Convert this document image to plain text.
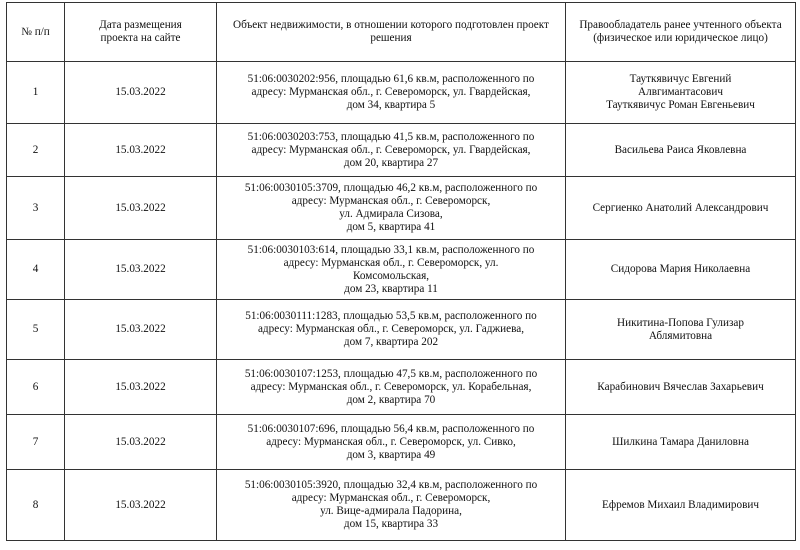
№ п/п	Дата размещения проекта на сайте	Объект недвижимости, в отношении которого подготовлен проект решения	Правообладатель ранее учтенного объекта (физическое или юридическое лицо)

1	15.03.2022	51:06:0030202:956, площадью 61,6 кв.м, расположенного по
адресу: Мурманская обл., г. Североморск, ул. Гвардейская,
дом 34, квартира 5	Тауткявичус Евгений
Алвгимантасович
Тауткявичус Роман Евгеньевич

2	15.03.2022	51:06:0030203:753, площадью 41,5 кв.м, расположенного по
адресу: Мурманская обл., г. Североморск, ул. Гвардейская,
дом 20, квартира 27	Васильева Раиса Яковлевна

3	15.03.2022	51:06:0030105:3709, площадью 46,2 кв.м, расположенного по
адресу: Мурманская обл., г. Североморск,
ул. Адмирала Сизова,
дом 5, квартира 41	Сергиенко Анатолий Александрович

4	15.03.2022	51:06:0030103:614, площадью 33,1 кв.м, расположенного по
адресу: Мурманская обл., г. Североморск, ул.
Комсомольская,
дом 23, квартира 11	Сидорова Мария Николаевна

5	15.03.2022	51:06:0030111:1283, площадью 53,5 кв.м, расположенного по
адресу: Мурманская обл., г. Североморск, ул. Гаджиева,
дом 7, квартира 202	Никитина-Попова Гулизар
Аблямитовна

6	15.03.2022	51:06:0030107:1253, площадью 47,5 кв.м, расположенного по
адресу: Мурманская обл., г. Североморск, ул. Корабельная,
дом 2, квартира 70	Карабинович Вячеслав Захарьевич

7	15.03.2022	51:06:0030107:696, площадью 56,4 кв.м, расположенного по
адресу: Мурманская обл., г. Североморск, ул. Сивко,
дом 3, квартира 49	Шилкина Тамара Даниловна

8	15.03.2022	51:06:0030105:3920, площадью 32,4 кв.м, расположенного по
адресу: Мурманская обл., г. Североморск,
ул. Вице-адмирала Падорина,
дом 15, квартира 33	Ефремов Михаил Владимирович
